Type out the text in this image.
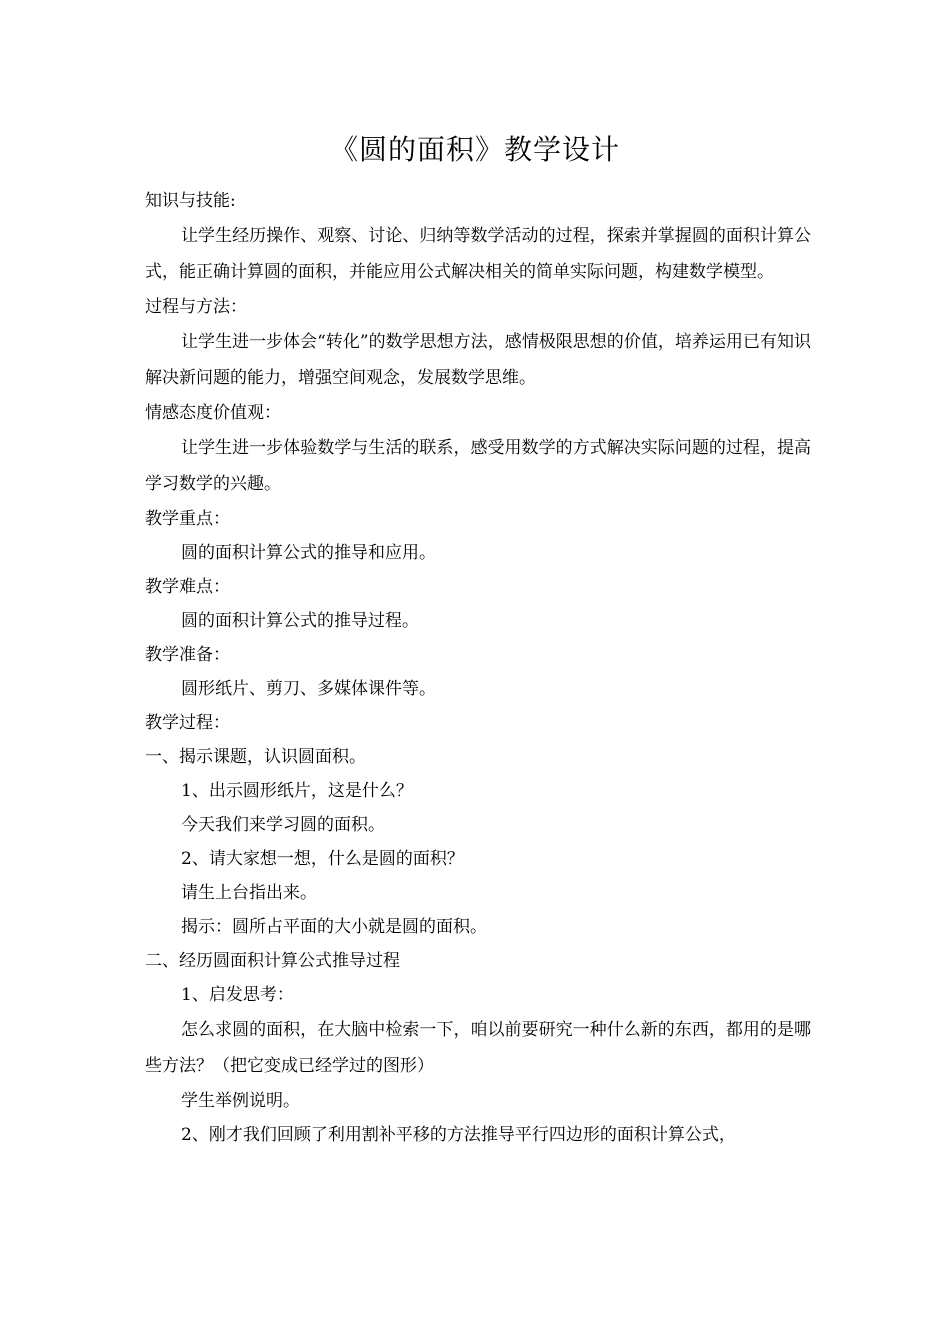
《圆的面积》教学设计
知识与技能:
让学生经历操作、观察、讨论、归纳等数学活动的过程，探索并掌握圆的面积计算公式，能正确计算圆的面积，并能应用公式解决相关的简单实际问题，构建数学模型。
过程与方法：
让学生进一步体会“转化”的数学思想方法，感情极限思想的价值，培养运用已有知识解决新问题的能力，增强空间观念，发展数学思维。
情感态度价值观：
让学生进一步体验数学与生活的联系，感受用数学的方式解决实际问题的过程，提高学习数学的兴趣。
教学重点：
圆的面积计算公式的推导和应用。
教学难点：
圆的面积计算公式的推导过程。
教学准备：
圆形纸片、剪刀、多媒体课件等。
教学过程：
一、揭示课题，认识圆面积。
1、出示圆形纸片，这是什么？
今天我们来学习圆的面积。
2、请大家想一想，什么是圆的面积？
请生上台指出来。
揭示：圆所占平面的大小就是圆的面积。
二、经历圆面积计算公式推导过程
1、启发思考：
怎么求圆的面积，在大脑中检索一下，咱以前要研究一种什么新的东西，都用的是哪些方法？（把它变成已经学过的图形）
学生举例说明。
2、刚才我们回顾了利用割补平移的方法推导平行四边形的面积计算公式，
